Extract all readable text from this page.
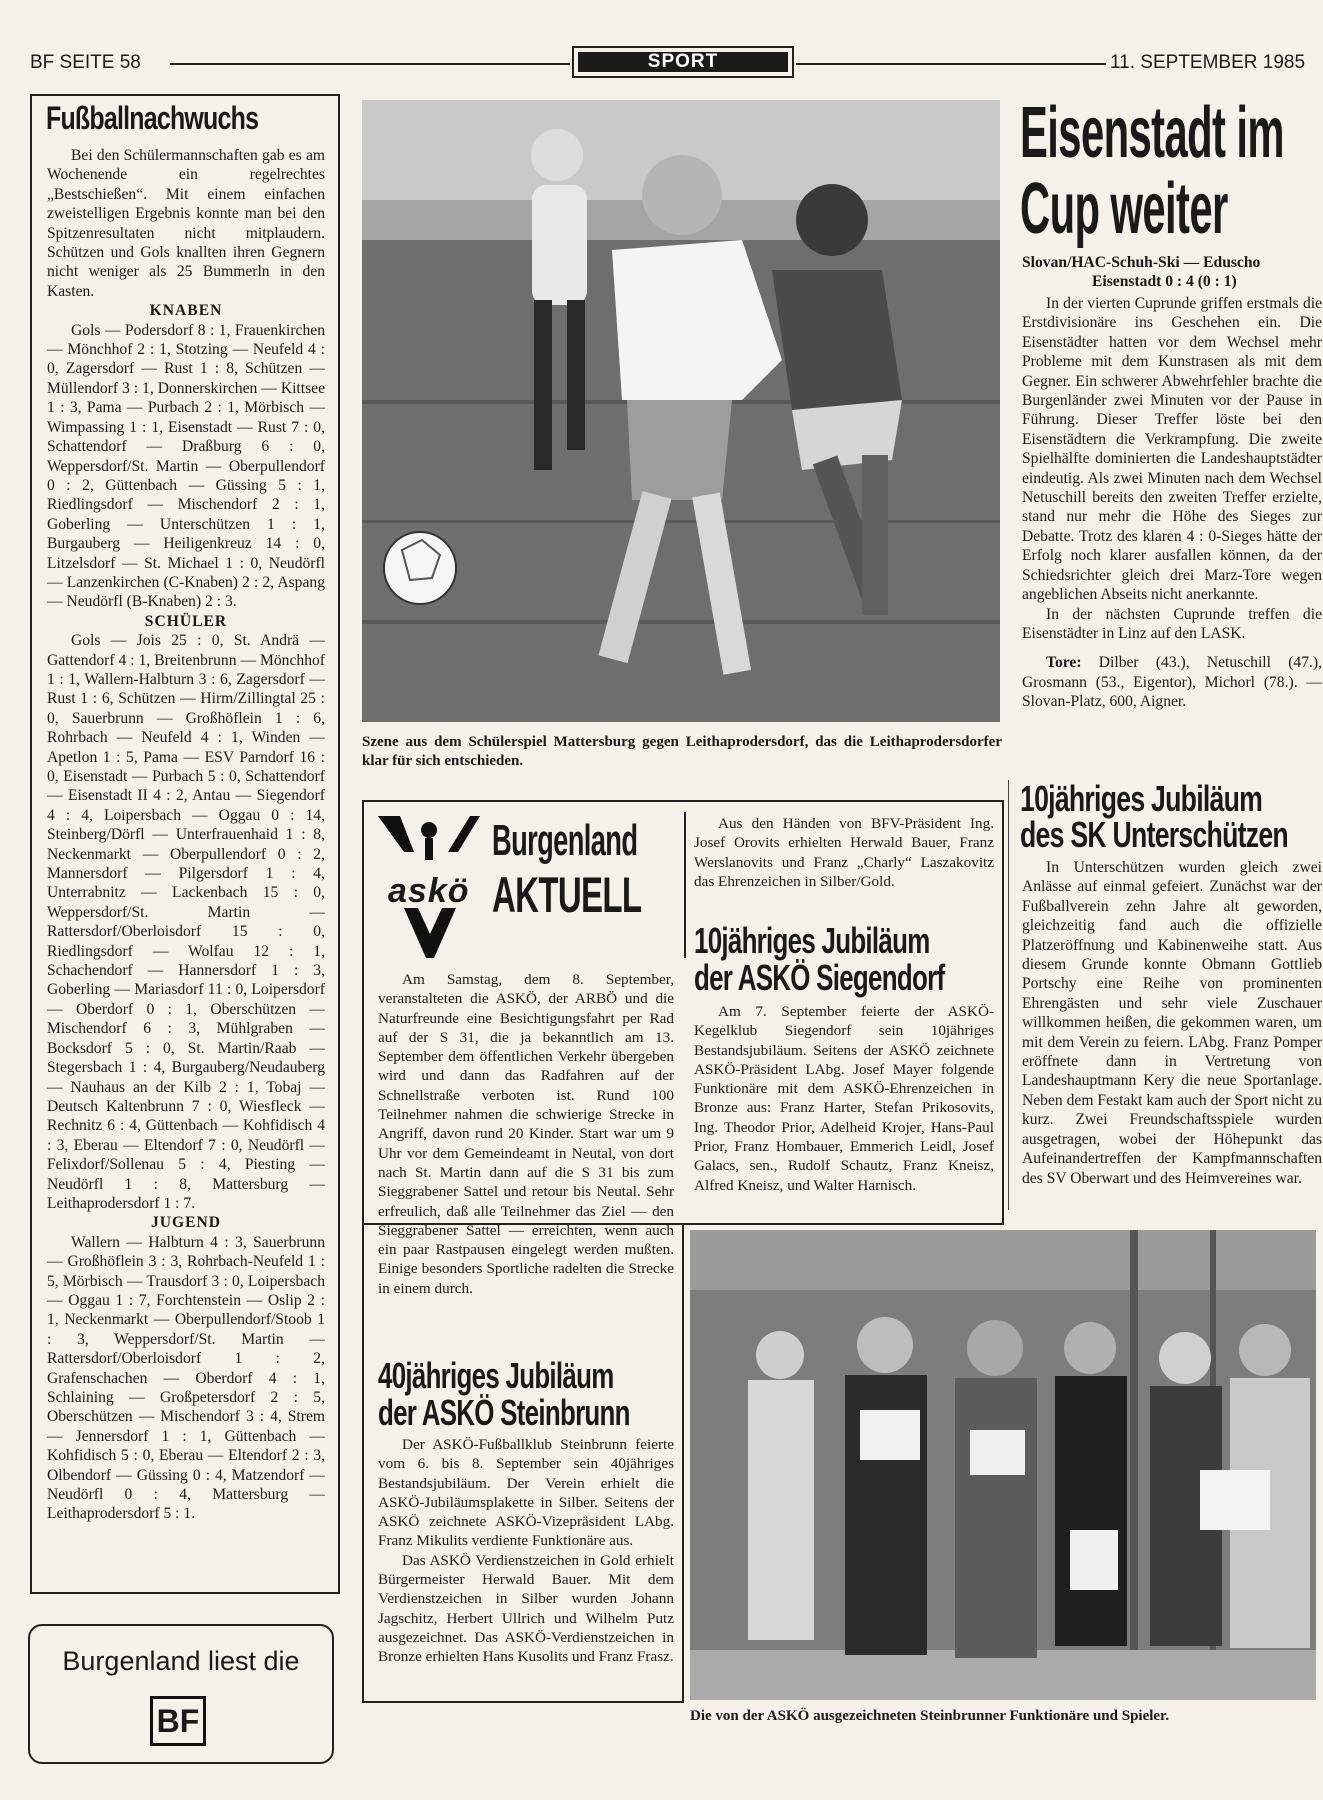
BF SEITE 58	SPORT	11. SEPTEMBER 1985
Fußballnachwuchs

Bei den Schülermannschaften gab es am Wochenende ein regelrechtes „Bestschießen“. Mit einem einfachen zweistelligen Ergebnis konnte man bei den Spitzenresultaten nicht mitplaudern. Schützen und Gols knallten ihren Gegnern nicht weniger als 25 Bummerln in den Kasten.

KNABEN

Gols — Podersdorf 8 : 1, Frauenkirchen — Mönchhof 2 : 1, Stotzing — Neufeld 4 : 0, Zagersdorf — Rust 1 : 8, Schützen — Müllendorf 3 : 1, Donnerskirchen — Kittsee 1 : 3, Pama — Purbach 2 : 1, Mörbisch — Wimpassing 1 : 1, Eisenstadt — Rust 7 : 0, Schattendorf — Draßburg 6 : 0, Weppersdorf/St. Martin — Oberpullendorf 0 : 2, Güttenbach — Güssing 5 : 1, Riedlingsdorf — Mischendorf 2 : 1, Goberling — Unterschützen 1 : 1, Burgauberg — Heiligenkreuz 14 : 0, Litzelsdorf — St. Michael 1 : 0, Neudörfl — Lanzenkirchen (C-Knaben) 2 : 2, Aspang — Neudörfl (B-Knaben) 2 : 3.

SCHÜLER

Gols — Jois 25 : 0, St. Andrä — Gattendorf 4 : 1, Breitenbrunn — Mönchhof 1 : 1, Wallern-Halbturn 3 : 6, Zagersdorf — Rust 1 : 6, Schützen — Hirm/Zillingtal 25 : 0, Sauerbrunn — Großhöflein 1 : 6, Rohrbach — Neufeld 4 : 1, Winden — Apetlon 1 : 5, Pama — ESV Parndorf 16 : 0, Eisenstadt — Purbach 5 : 0, Schattendorf — Eisenstadt II 4 : 2, Antau — Siegendorf 4 : 4, Loipersbach — Oggau 0 : 14, Steinberg/Dörfl — Unterfrauenhaid 1 : 8, Neckenmarkt — Oberpullendorf 0 : 2, Mannersdorf — Pilgersdorf 1 : 4, Unterrabnitz — Lackenbach 15 : 0, Weppersdorf/St. Martin — Rattersdorf/Oberloisdorf 15 : 0, Riedlingsdorf — Wolfau 12 : 1, Schachendorf — Hannersdorf 1 : 3, Goberling — Mariasdorf 11 : 0, Loipersdorf — Oberdorf 0 : 1, Oberschützen — Mischendorf 6 : 3, Mühlgraben — Bocksdorf 5 : 0, St. Martin/Raab — Stegersbach 1 : 4, Burgauberg/Neudauberg — Nauhaus an der Kilb 2 : 1, Tobaj — Deutsch Kaltenbrunn 7 : 0, Wiesfleck — Rechnitz 6 : 4, Güttenbach — Kohfidisch 4 : 3, Eberau — Eltendorf 7 : 0, Neudörfl — Felixdorf/Sollenau 5 : 4, Piesting — Neudörfl 1 : 8, Mattersburg — Leithaprodersdorf 1 : 7.

JUGEND

Wallern — Halbturn 4 : 3, Sauerbrunn — Großhöflein 3 : 3, Rohrbach-Neufeld 1 : 5, Mörbisch — Trausdorf 3 : 0, Loipersbach — Oggau 1 : 7, Forchtenstein — Oslip 2 : 1, Neckenmarkt — Oberpullendorf/Stoob 1 : 3, Weppersdorf/St. Martin — Rattersdorf/Oberloisdorf 1 : 2, Grafenschachen — Oberdorf 4 : 1, Schlaining — Großpetersdorf 2 : 5, Oberschützen — Mischendorf 3 : 4, Strem — Jennersdorf 1 : 1, Güttenbach — Kohfidisch 5 : 0, Eberau — Eltendorf 2 : 3, Olbendorf — Güssing 0 : 4, Matzendorf — Neudörfl 0 : 4, Mattersburg — Leithaprodersdorf 5 : 1.

Burgenland liest die
BF
Szene aus dem Schülerspiel Mattersburg gegen Leithaprodersdorf, das die Leithaprodersdorfer klar für sich entschieden.
Eisenstadt im
Cup weiter
Slovan/HAC-Schuh-Ski — Eduscho
Eisenstadt 0 : 4 (0 : 1)

In der vierten Cuprunde griffen erstmals die Erstdivisionäre ins Geschehen ein. Die Eisenstädter hatten vor dem Wechsel mehr Probleme mit dem Kunstrasen als mit dem Gegner. Ein schwerer Abwehrfehler brachte die Burgenländer zwei Minuten vor der Pause in Führung. Dieser Treffer löste bei den Eisenstädtern die Verkrampfung. Die zweite Spielhälfte dominierten die Landeshauptstädter eindeutig. Als zwei Minuten nach dem Wechsel Netuschill bereits den zweiten Treffer erzielte, stand nur mehr die Höhe des Sieges zur Debatte. Trotz des klaren 4 : 0-Sieges hätte der Erfolg noch klarer ausfallen können, da der Schiedsrichter gleich drei Marz-Tore wegen angeblichen Abseits nicht anerkannte.

In der nächsten Cuprunde treffen die Eisenstädter in Linz auf den LASK.

Tore: Dilber (43.), Netuschill (47.), Grosmann (53., Eigentor), Michorl (78.). — Slovan-Platz, 600, Aigner.

10jähriges Jubiläum
des SK Unterschützen

In Unterschützen wurden gleich zwei Anlässe auf einmal gefeiert. Zunächst war der Fußballverein zehn Jahre alt geworden, gleichzeitig fand auch die offizielle Platzeröffnung und Kabinenweihe statt. Aus diesem Grunde konnte Obmann Gottlieb Portschy eine Reihe von prominenten Ehrengästen und sehr viele Zuschauer willkommen heißen, die gekommen waren, um mit dem Verein zu feiern. LAbg. Franz Pomper eröffnete dann in Vertretung von Landeshauptmann Kery die neue Sportanlage. Neben dem Festakt kam auch der Sport nicht zu kurz. Zwei Freundschaftsspiele wurden ausgetragen, wobei der Höhepunkt das Aufeinandertreffen der Kampfmannschaften des SV Oberwart und des Heimvereines war.

askö
Burgenland
AKTUELL

Am Samstag, dem 8. September, veranstalteten die ASKÖ, der ARBÖ und die Naturfreunde eine Besichtigungsfahrt per Rad auf der S 31, die ja bekanntlich am 13. September dem öffentlichen Verkehr übergeben wird und dann das Radfahren auf der Schnellstraße verboten ist. Rund 100 Teilnehmer nahmen die schwierige Strecke in Angriff, davon rund 20 Kinder. Start war um 9 Uhr vor dem Gemeindeamt in Neutal, von dort nach St. Martin dann auf die S 31 bis zum Sieggrabener Sattel und retour bis Neutal. Sehr erfreulich, daß alle Teilnehmer das Ziel — den Sieggrabener Sattel — erreichten, wenn auch ein paar Rastpausen eingelegt werden mußten. Einige besonders Sportliche radelten die Strecke in einem durch.

Aus den Händen von BFV-Präsident Ing. Josef Orovits erhielten Herwald Bauer, Franz Werslanovits und Franz „Charly“ Laszakovitz das Ehrenzeichen in Silber/Gold.

10jähriges Jubiläum
der ASKÖ Siegendorf

Am 7. September feierte der ASKÖ-Kegelklub Siegendorf sein 10jähriges Bestandsjubiläum. Seitens der ASKÖ zeichnete ASKÖ-Präsident LAbg. Josef Mayer folgende Funktionäre mit dem ASKÖ-Ehrenzeichen in Bronze aus: Franz Harter, Stefan Prikosovits, Ing. Theodor Prior, Adelheid Krojer, Hans-Paul Prior, Franz Hombauer, Emmerich Leidl, Josef Galacs, sen., Rudolf Schautz, Franz Kneisz, Alfred Kneisz, und Walter Harnisch.

40jähriges Jubiläum
der ASKÖ Steinbrunn

Der ASKÖ-Fußballklub Steinbrunn feierte vom 6. bis 8. September sein 40jähriges Bestandsjubiläum. Der Verein erhielt die ASKÖ-Jubiläumsplakette in Silber. Seitens der ASKÖ zeichnete ASKÖ-Vizepräsident LAbg. Franz Mikulits verdiente Funktionäre aus.

Das ASKÖ Verdienstzeichen in Gold erhielt Bürgermeister Herwald Bauer. Mit dem Verdienstzeichen in Silber wurden Johann Jagschitz, Herbert Ullrich und Wilhelm Putz ausgezeichnet. Das ASKÖ-Verdienstzeichen in Bronze erhielten Hans Kusolits und Franz Frasz.

Die von der ASKÖ ausgezeichneten Steinbrunner Funktionäre und Spieler.
